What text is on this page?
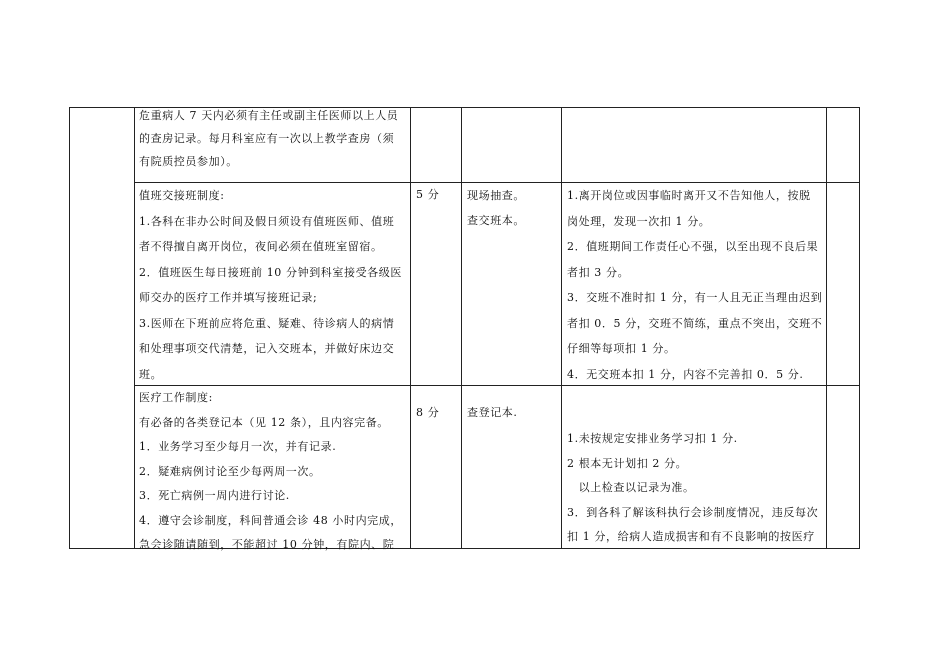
危重病人 7 天内必须有主任或副主任医师以上人员

的查房记录。每月科室应有一次以上教学查房（须

有院质控员参加）。

值班交接班制度:

1.各科在非办公时间及假日须设有值班医师、值班

者不得擅自离开岗位，夜间必须在值班室留宿。

2．值班医生每日接班前 10 分钟到科室接受各级医

师交办的医疗工作并填写接班记录;

3.医师在下班前应将危重、疑难、待诊病人的病情

和处理事项交代清楚，记入交班本，并做好床边交

班。

5 分	现场抽查。

查交班本。

1.离开岗位或因事临时离开又不告知他人，按脱

岗处理，发现一次扣 1 分。

2．值班期间工作责任心不强，以至出现不良后果

者扣 3 分。

3．交班不准时扣 1 分，有一人且无正当理由迟到

者扣 0．5 分，交班不简练，重点不突出，交班不

仔细等每项扣 1 分。

4．无交班本扣 1 分，内容不完善扣 0．5 分.

医疗工作制度:

有必备的各类登记本（见 12 条），且内容完备。

1．业务学习至少每月一次，并有记录.

2．疑难病例讨论至少每两周一次。

3．死亡病例一周内进行讨论.

4．遵守会诊制度，科间普通会诊 48 小时内完成，

急会诊随请随到，不能超过 10 分钟，有院内、院

8 分	查登记本.

1.未按规定安排业务学习扣 1 分.

2 根本无计划扣 2 分。

　以上检查以记录为准。

3．到各科了解该科执行会诊制度情况，违反每次

扣 1 分，给病人造成损害和有不良影响的按医疗
